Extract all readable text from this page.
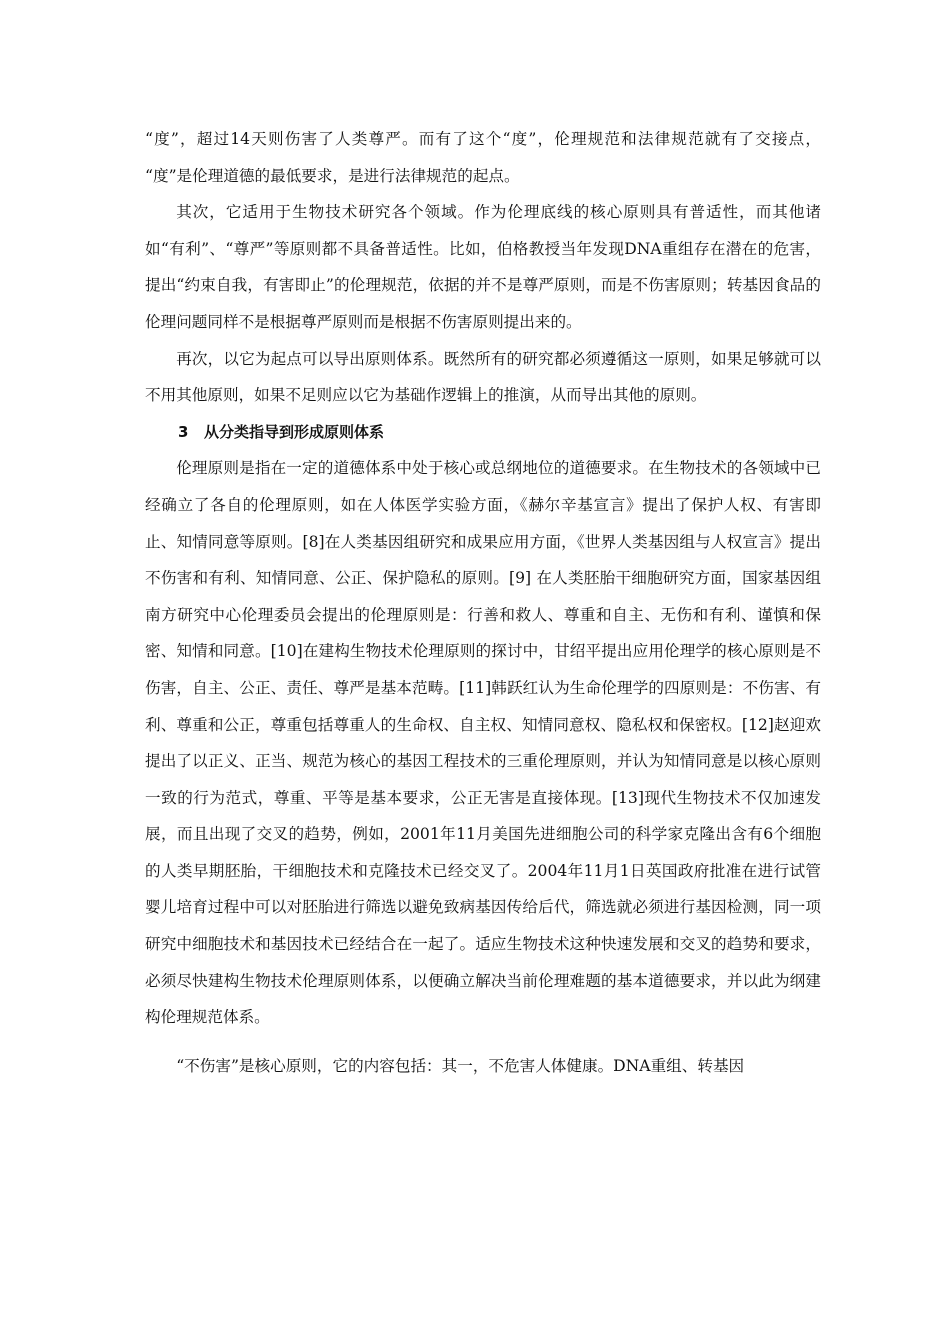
“度”，超过14天则伤害了人类尊严。而有了这个“度”，伦理规范和法律规范就有了交接点， “度”是伦理道德的最低要求，是进行法律规范的起点。

其次，它适用于生物技术研究各个领域。作为伦理底线的核心原则具有普适性，而其他诸如“有利”、“尊严”等原则都不具备普适性。比如，伯格教授当年发现DNA重组存在潜在的危害，提出“约束自我，有害即止”的伦理规范，依据的并不是尊严原则，而是不伤害原则；转基因食品的伦理问题同样不是根据尊严原则而是根据不伤害原则提出来的。

再次，以它为起点可以导出原则体系。既然所有的研究都必须遵循这一原则，如果足够就可以不用其他原则，如果不足则应以它为基础作逻辑上的推演，从而导出其他的原则。

3 从分类指导到形成原则体系

伦理原则是指在一定的道德体系中处于核心或总纲地位的道德要求。在生物技术的各领域中已经确立了各自的伦理原则，如在人体医学实验方面，《赫尔辛基宣言》提出了保护人权、有害即止、知情同意等原则。[8]在人类基因组研究和成果应用方面，《世界人类基因组与人权宣言》提出不伤害和有利、知情同意、公正、保护隐私的原则。[9] 在人类胚胎干细胞研究方面，国家基因组南方研究中心伦理委员会提出的伦理原则是：行善和救人、尊重和自主、无伤和有利、谨慎和保密、知情和同意。[10]在建构生物技术伦理原则的探讨中，甘绍平提出应用伦理学的核心原则是不伤害，自主、公正、责任、尊严是基本范畴。[11]韩跃红认为生命伦理学的四原则是：不伤害、有利、尊重和公正，尊重包括尊重人的生命权、自主权、知情同意权、隐私权和保密权。[12]赵迎欢提出了以正义、正当、规范为核心的基因工程技术的三重伦理原则，并认为知情同意是以核心原则一致的行为范式，尊重、平等是基本要求，公正无害是直接体现。[13]现代生物技术不仅加速发展，而且出现了交叉的趋势，例如，2001年11月美国先进细胞公司的科学家克隆出含有6个细胞的人类早期胚胎，干细胞技术和克隆技术已经交叉了。2004年11月1日英国政府批准在进行试管婴儿培育过程中可以对胚胎进行筛选以避免致病基因传给后代，筛选就必须进行基因检测，同一项研究中细胞技术和基因技术已经结合在一起了。适应生物技术这种快速发展和交叉的趋势和要求，必须尽快建构生物技术伦理原则体系，以便确立解决当前伦理难题的基本道德要求，并以此为纲建构伦理规范体系。

“不伤害”是核心原则，它的内容包括：其一，不危害人体健康。DNA重组、转基因
